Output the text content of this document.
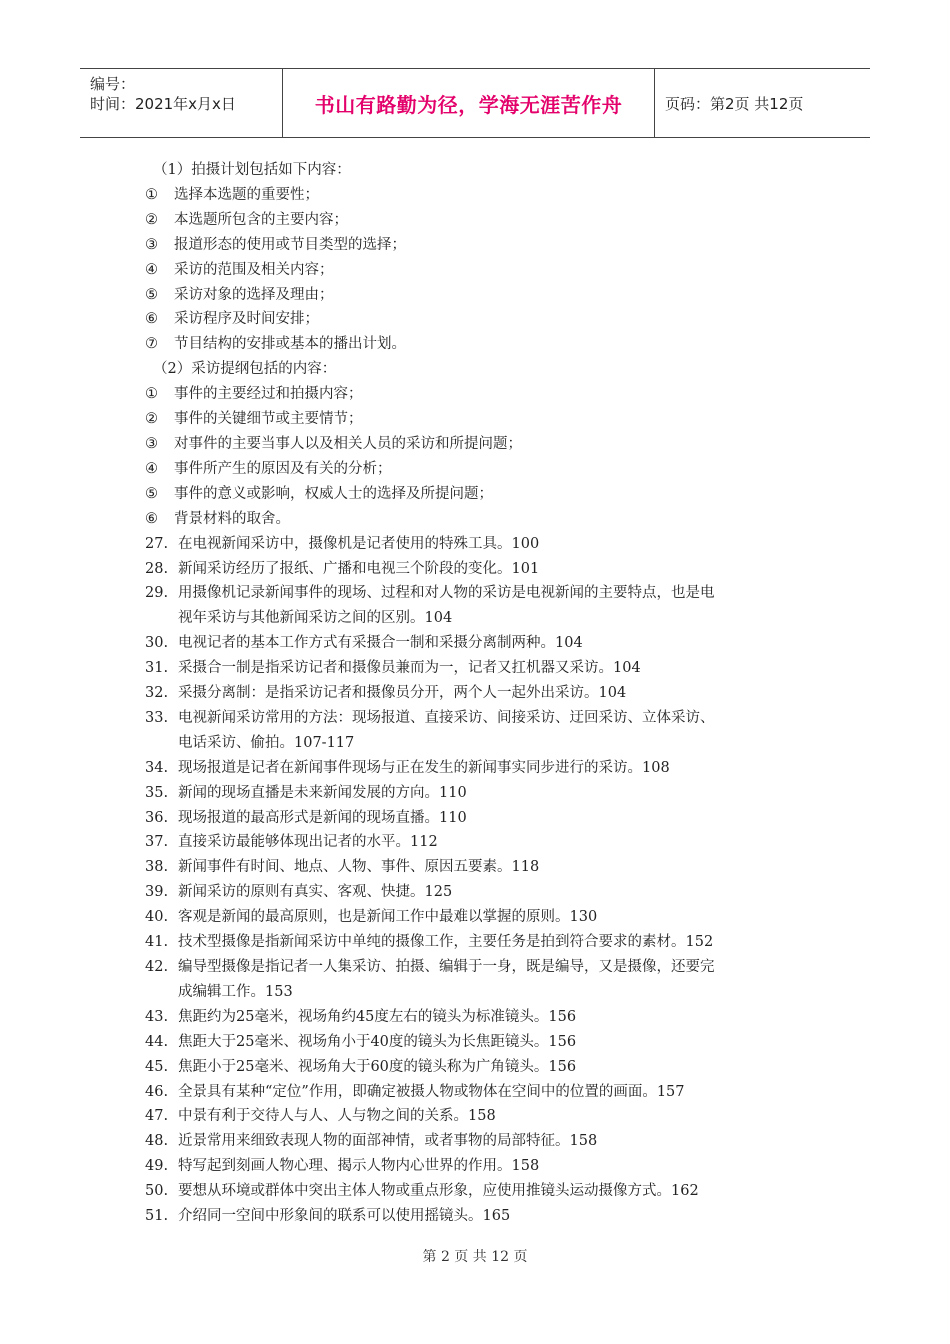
编号：
时间：2021年x月x日	书山有路勤为径，学海无涯苦作舟	页码：第2页 共12页
（1）拍摄计划包括如下内容：
① 选择本选题的重要性；
② 本选题所包含的主要内容；
③ 报道形态的使用或节目类型的选择；
④ 采访的范围及相关内容；
⑤ 采访对象的选择及理由；
⑥ 采访程序及时间安排；
⑦ 节目结构的安排或基本的播出计划。
（2）采访提纲包括的内容：
① 事件的主要经过和拍摄内容；
② 事件的关键细节或主要情节；
③ 对事件的主要当事人以及相关人员的采访和所提问题；
④ 事件所产生的原因及有关的分析；
⑤ 事件的意义或影响，权威人士的选择及所提问题；
⑥ 背景材料的取舍。
27. 在电视新闻采访中，摄像机是记者使用的特殊工具。100
28. 新闻采访经历了报纸、广播和电视三个阶段的变化。101
29. 用摄像机记录新闻事件的现场、过程和对人物的采访是电视新闻的主要特点，也是电
视年采访与其他新闻采访之间的区别。104
30. 电视记者的基本工作方式有采摄合一制和采摄分离制两种。104
31. 采摄合一制是指采访记者和摄像员兼而为一，记者又扛机器又采访。104
32. 采摄分离制：是指采访记者和摄像员分开，两个人一起外出采访。104
33. 电视新闻采访常用的方法：现场报道、直接采访、间接采访、迂回采访、立体采访、
电话采访、偷拍。107-117
34. 现场报道是记者在新闻事件现场与正在发生的新闻事实同步进行的采访。108
35. 新闻的现场直播是未来新闻发展的方向。110
36. 现场报道的最高形式是新闻的现场直播。110
37. 直接采访最能够体现出记者的水平。112
38. 新闻事件有时间、地点、人物、事件、原因五要素。118
39. 新闻采访的原则有真实、客观、快捷。125
40. 客观是新闻的最高原则，也是新闻工作中最难以掌握的原则。130
41. 技术型摄像是指新闻采访中单纯的摄像工作，主要任务是拍到符合要求的素材。152
42. 编导型摄像是指记者一人集采访、拍摄、编辑于一身，既是编导，又是摄像，还要完
成编辑工作。153
43. 焦距约为25毫米，视场角约45度左右的镜头为标准镜头。156
44. 焦距大于25毫米、视场角小于40度的镜头为长焦距镜头。156
45. 焦距小于25毫米、视场角大于60度的镜头称为广角镜头。156
46. 全景具有某种“定位”作用，即确定被摄人物或物体在空间中的位置的画面。157
47. 中景有利于交待人与人、人与物之间的关系。158
48. 近景常用来细致表现人物的面部神情，或者事物的局部特征。158
49. 特写起到刻画人物心理、揭示人物内心世界的作用。158
50. 要想从环境或群体中突出主体人物或重点形象，应使用推镜头运动摄像方式。162
51. 介绍同一空间中形象间的联系可以使用摇镜头。165
第 2 页 共 12 页
